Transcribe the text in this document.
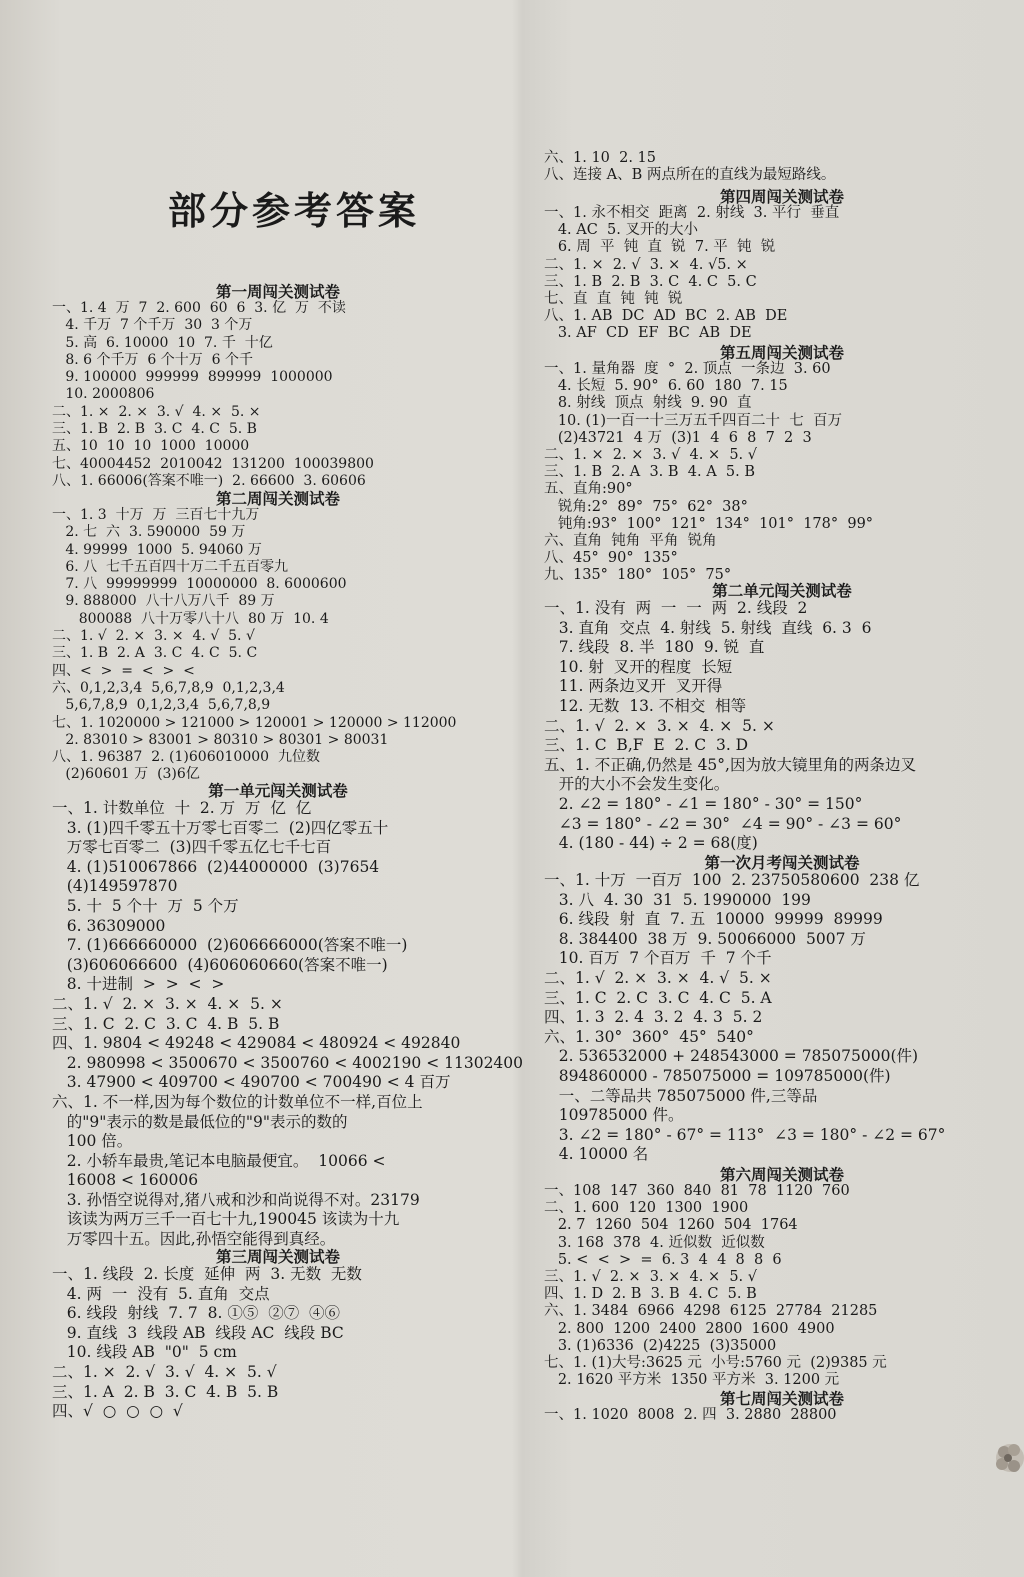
部分参考答案
第一周闯关测试卷
一、1. 4  万  7  2. 600  60  6  3. 亿  万  不读
4. 千万  7 个千万  30  3 个万
5. 高  6. 10000  10  7. 千  十亿
8. 6 个千万  6 个十万  6 个千
9. 100000  999999  899999  1000000
10. 2000806
二、1. ×  2. ×  3. √  4. ×  5. ×
三、1. B  2. B  3. C  4. C  5. B
五、10  10  10  1000  10000
七、40004452  2010042  131200  100039800
八、1. 66006(答案不唯一)  2. 66600  3. 60606
第二周闯关测试卷
一、1. 3  十万  万  三百七十九万
2. 七  六  3. 590000  59 万
4. 99999  1000  5. 94060 万
6. 八  七千五百四十万二千五百零九
7. 八  99999999  10000000  8. 6000600
9. 888000  八十八万八千  89 万
800088  八十万零八十八  80 万  10. 4
二、1. √  2. ×  3. ×  4. √  5. √
三、1. B  2. A  3. C  4. C  5. C
四、<  >  =  <  >  <
六、0,1,2,3,4  5,6,7,8,9  0,1,2,3,4
5,6,7,8,9  0,1,2,3,4  5,6,7,8,9
七、1. 1020000 > 121000 > 120001 > 120000 > 112000
2. 83010 > 83001 > 80310 > 80301 > 80031
八、1. 96387  2. (1)606010000  九位数
(2)60601 万  (3)6亿
第一单元闯关测试卷
一、1. 计数单位  十  2. 万  万  亿  亿
3. (1)四千零五十万零七百零二  (2)四亿零五十
万零七百零二  (3)四千零五亿七千七百
4. (1)510067866  (2)44000000  (3)7654
(4)149597870
5. 十  5 个十  万  5 个万
6. 36309000
7. (1)666660000  (2)606666000(答案不唯一)
(3)606066600  (4)606060660(答案不唯一)
8. 十进制  >  >  <  >
二、1. √  2. ×  3. ×  4. ×  5. ×
三、1. C  2. C  3. C  4. B  5. B
四、1. 9804 < 49248 < 429084 < 480924 < 492840
2. 980998 < 3500670 < 3500760 < 4002190 < 11302400
3. 47900 < 409700 < 490700 < 700490 < 4 百万
六、1. 不一样,因为每个数位的计数单位不一样,百位上
的"9"表示的数是最低位的"9"表示的数的
100 倍。
2. 小轿车最贵,笔记本电脑最便宜。  10066 <
16008 < 160006
3. 孙悟空说得对,猪八戒和沙和尚说得不对。23179
该读为两万三千一百七十九,190045 该读为十九
万零四十五。因此,孙悟空能得到真经。
第三周闯关测试卷
一、1. 线段  2. 长度  延伸  两  3. 无数  无数
4. 两  一  没有  5. 直角  交点
6. 线段  射线  7. 7  8. ①⑤  ②⑦  ④⑥
9. 直线  3  线段 AB  线段 AC  线段 BC
10. 线段 AB  "0"  5 cm
二、1. ×  2. √  3. √  4. ×  5. √
三、1. A  2. B  3. C  4. B  5. B
四、√  ○  ○  ○  √
六、1. 10  2. 15
八、连接 A、B 两点所在的直线为最短路线。
第四周闯关测试卷
一、1. 永不相交  距离  2. 射线  3. 平行  垂直
4. AC  5. 叉开的大小
6. 周  平  钝  直  锐  7. 平  钝  锐
二、1. ×  2. √  3. ×  4. √5. ×
三、1. B  2. B  3. C  4. C  5. C
七、直  直  钝  钝  锐
八、1. AB  DC  AD  BC  2. AB  DE
3. AF  CD  EF  BC  AB  DE
第五周闯关测试卷
一、1. 量角器  度  °  2. 顶点  一条边  3. 60
4. 长短  5. 90°  6. 60  180  7. 15
8. 射线  顶点  射线  9. 90  直
10. (1)一百一十三万五千四百二十  七  百万
(2)43721  4 万  (3)1  4  6  8  7  2  3
二、1. ×  2. ×  3. √  4. ×  5. √
三、1. B  2. A  3. B  4. A  5. B
五、直角:90°
锐角:2°  89°  75°  62°  38°
钝角:93°  100°  121°  134°  101°  178°  99°
六、直角  钝角  平角  锐角
八、45°  90°  135°
九、135°  180°  105°  75°
第二单元闯关测试卷
一、1. 没有  两  一  一  两  2. 线段  2
3. 直角  交点  4. 射线  5. 射线  直线  6. 3  6
7. 线段  8. 半  180  9. 锐  直
10. 射  叉开的程度  长短
11. 两条边叉开  叉开得
12. 无数  13. 不相交  相等
二、1. √  2. ×  3. ×  4. ×  5. ×
三、1. C  B,F  E  2. C  3. D
五、1. 不正确,仍然是 45°,因为放大镜里角的两条边叉
开的大小不会发生变化。
2. ∠2 = 180° - ∠1 = 180° - 30° = 150°
∠3 = 180° - ∠2 = 30°  ∠4 = 90° - ∠3 = 60°
4. (180 - 44) ÷ 2 = 68(度)
第一次月考闯关测试卷
一、1. 十万  一百万  100  2. 23750580600  238 亿
3. 八  4. 30  31  5. 1990000  199
6. 线段  射  直  7. 五  10000  99999  89999
8. 384400  38 万  9. 50066000  5007 万
10. 百万  7 个百万  千  7 个千
二、1. √  2. ×  3. ×  4. √  5. ×
三、1. C  2. C  3. C  4. C  5. A
四、1. 3  2. 4  3. 2  4. 3  5. 2
六、1. 30°  360°  45°  540°
2. 536532000 + 248543000 = 785075000(件)
894860000 - 785075000 = 109785000(件)
一、二等品共 785075000 件,三等品
109785000 件。
3. ∠2 = 180° - 67° = 113°  ∠3 = 180° - ∠2 = 67°
4. 10000 名
第六周闯关测试卷
一、108  147  360  840  81  78  1120  760
二、1. 600  120  1300  1900
2. 7  1260  504  1260  504  1764
3. 168  378  4. 近似数  近似数
5. <  <  >  =  6. 3  4  4  8  8  6
三、1. √  2. ×  3. ×  4. ×  5. √
四、1. D  2. B  3. B  4. C  5. B
六、1. 3484  6966  4298  6125  27784  21285
2. 800  1200  2400  2800  1600  4900
3. (1)6336  (2)4225  (3)35000
七、1. (1)大号:3625 元  小号:5760 元  (2)9385 元
2. 1620 平方米  1350 平方米  3. 1200 元
第七周闯关测试卷
一、1. 1020  8008  2. 四  3. 2880  28800
